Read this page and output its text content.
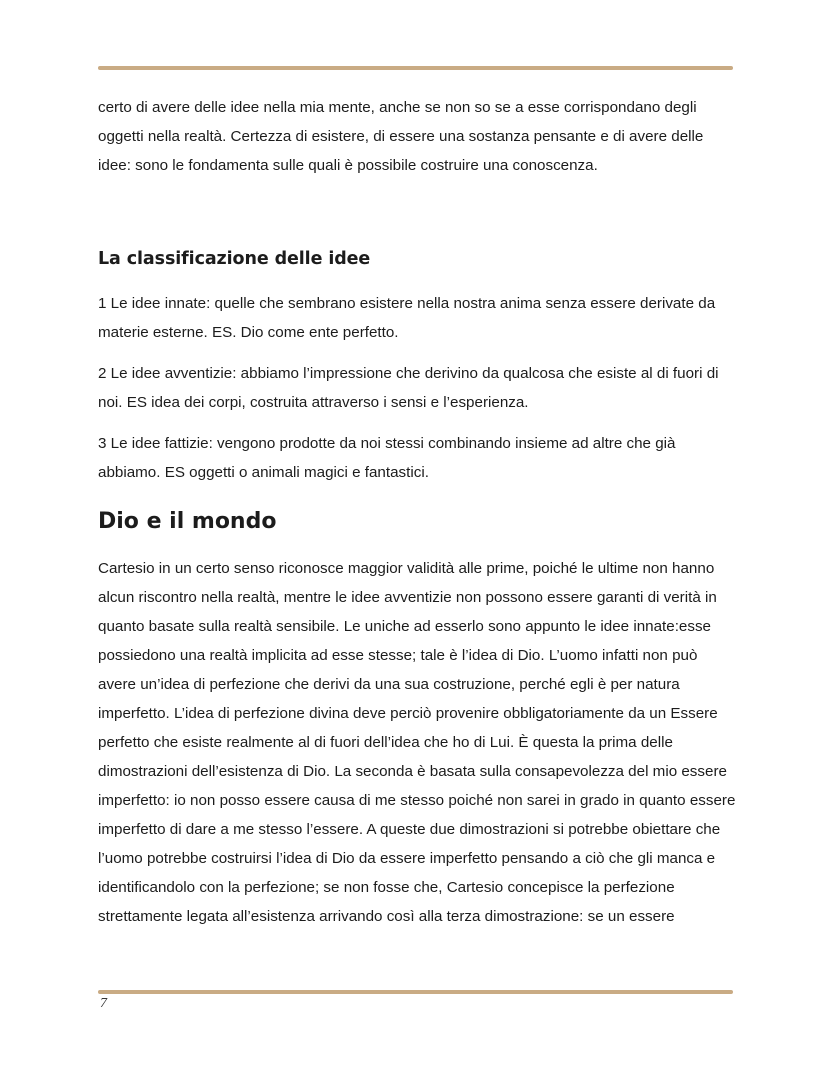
certo di avere delle idee nella mia mente, anche se non so se a esse corrispondano degli oggetti nella realtà. Certezza di esistere, di essere una sostanza pensante e di avere delle idee: sono le fondamenta sulle quali è possibile costruire una conoscenza.

La classificazione delle idee

1 Le idee innate: quelle che sembrano esistere nella nostra anima senza essere derivate da materie esterne. ES. Dio come ente perfetto.

2 Le idee avventizie: abbiamo l’impressione che derivino da qualcosa che esiste al di fuori di noi. ES idea dei corpi, costruita attraverso i sensi e l’esperienza.

3 Le idee fattizie: vengono prodotte da noi stessi combinando insieme ad altre che già abbiamo. ES oggetti o animali magici e fantastici.

Dio e il mondo

Cartesio in un certo senso riconosce maggior validità alle prime, poiché le ultime non hanno alcun riscontro nella realtà, mentre le idee avventizie non possono essere garanti di verità in quanto basate sulla realtà sensibile. Le uniche ad esserlo sono appunto le idee innate:esse possiedono una realtà implicita ad esse stesse; tale è l’idea di Dio. L’uomo infatti non può avere un’idea di perfezione che derivi da una sua costruzione, perché egli è per natura imperfetto. L’idea di perfezione divina deve perciò provenire obbligatoriamente da un Essere perfetto che esiste realmente al di fuori dell’idea che ho di Lui. È questa la prima delle dimostrazioni dell’esistenza di Dio. La seconda è basata sulla consapevolezza del mio essere imperfetto: io non posso essere causa di me stesso poiché non sarei in grado in quanto essere imperfetto di dare a me stesso l’essere. A queste due dimostrazioni si potrebbe obiettare che l’uomo potrebbe costruirsi l’idea di Dio da essere imperfetto pensando a ciò che gli manca e identificandolo con la perfezione; se non fosse che, Cartesio concepisce la perfezione strettamente legata all’esistenza arrivando così alla terza dimostrazione: se un essere

7
